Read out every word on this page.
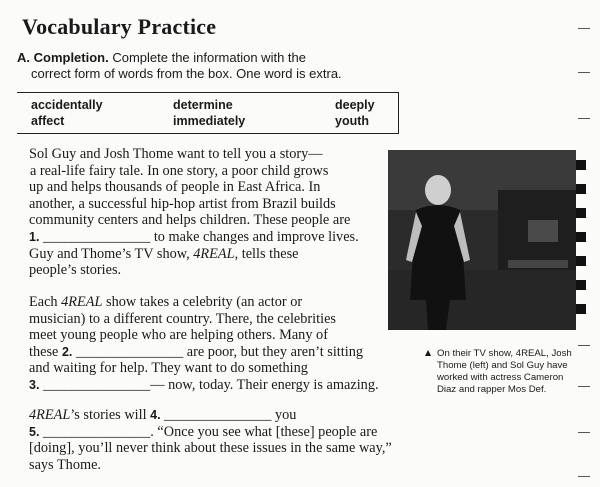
Vocabulary Practice
A. Completion. Complete the information with the
correct form of words from the box. One word is extra.
accidentally	determine	deeply
affect	immediately	youth

Sol Guy and Josh Thome want to tell you a story—

a real-life fairy tale. In one story, a poor child grows

up and helps thousands of people in East Africa. In

another, a successful hip-hop artist from Brazil builds

community centers and helps children. These people are

1. _______________ to make changes and improve lives.

Guy and Thome’s TV show, 4REAL, tells these

people’s stories.

Each 4REAL show takes a celebrity (an actor or

musician) to a different country. There, the celebrities

meet young people who are helping others. Many of

these 2. _______________ are poor, but they aren’t sitting

and waiting for help. They want to do something

3. _______________— now, today. Their energy is amazing.

4REAL’s stories will 4. _______________ you

5. _______________. “Once you see what [these] people are

[doing], you’ll never think about these issues in the same way,”

says Thome.

▲ On their TV show, 4REAL, Josh Thome (left) and Sol Guy have worked with actress Cameron Diaz and rapper Mos Def.
